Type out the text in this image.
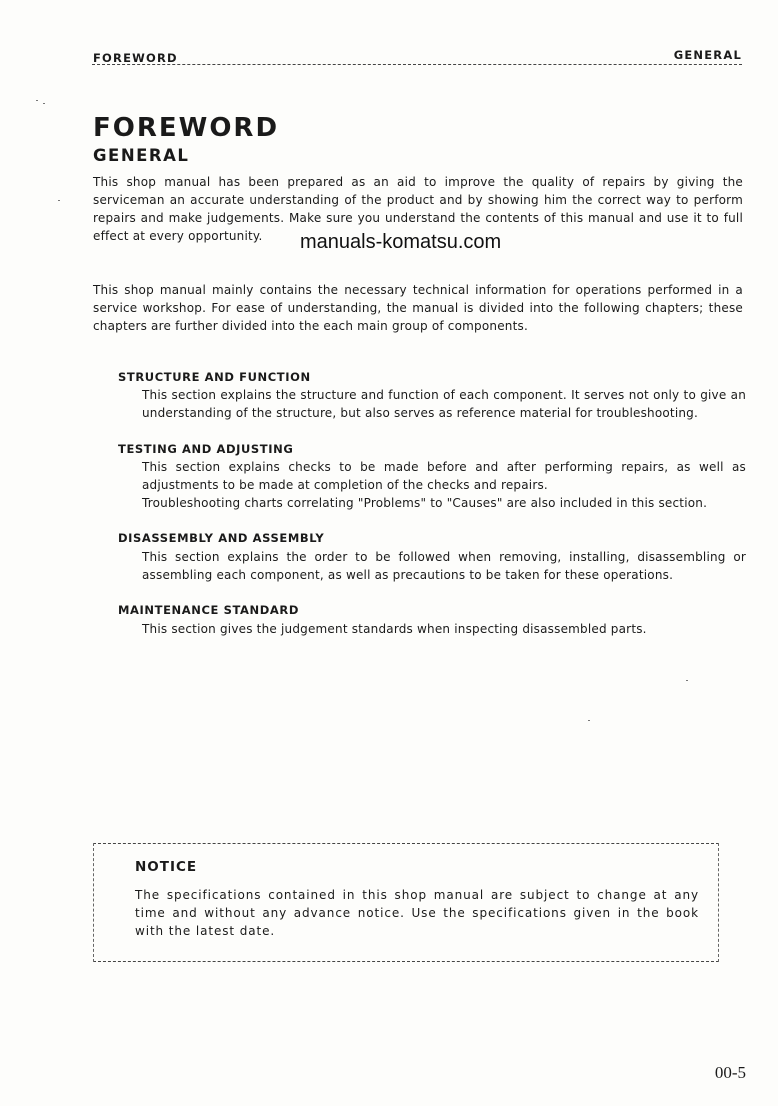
FOREWORD	GENERAL
FOREWORD
GENERAL
This shop manual has been prepared as an aid to improve the quality of repairs by giving the serviceman an accurate understanding of the product and by showing him the correct way to perform repairs and make judgements. Make sure you understand the contents of this manual and use it to full effect at every opportunity.	manuals-komatsu.com
This shop manual mainly contains the necessary technical information for operations performed in a service workshop. For ease of understanding, the manual is divided into the following chapters; these chapters are further divided into the each main group of components.
STRUCTURE AND FUNCTION
This section explains the structure and function of each component. It serves not only to give an understanding of the structure, but also serves as reference material for troubleshooting.
TESTING AND ADJUSTING
This section explains checks to be made before and after performing repairs, as well as adjustments to be made at completion of the checks and repairs.
Troubleshooting charts correlating "Problems" to "Causes" are also included in this section.
DISASSEMBLY AND ASSEMBLY
This section explains the order to be followed when removing, installing, disassembling or assembling each component, as well as precautions to be taken for these operations.
MAINTENANCE STANDARD
This section gives the judgement standards when inspecting disassembled parts.
NOTICE
The specifications contained in this shop manual are subject to change at any time and without any advance notice. Use the specifications given in the book with the latest date.
00-5
